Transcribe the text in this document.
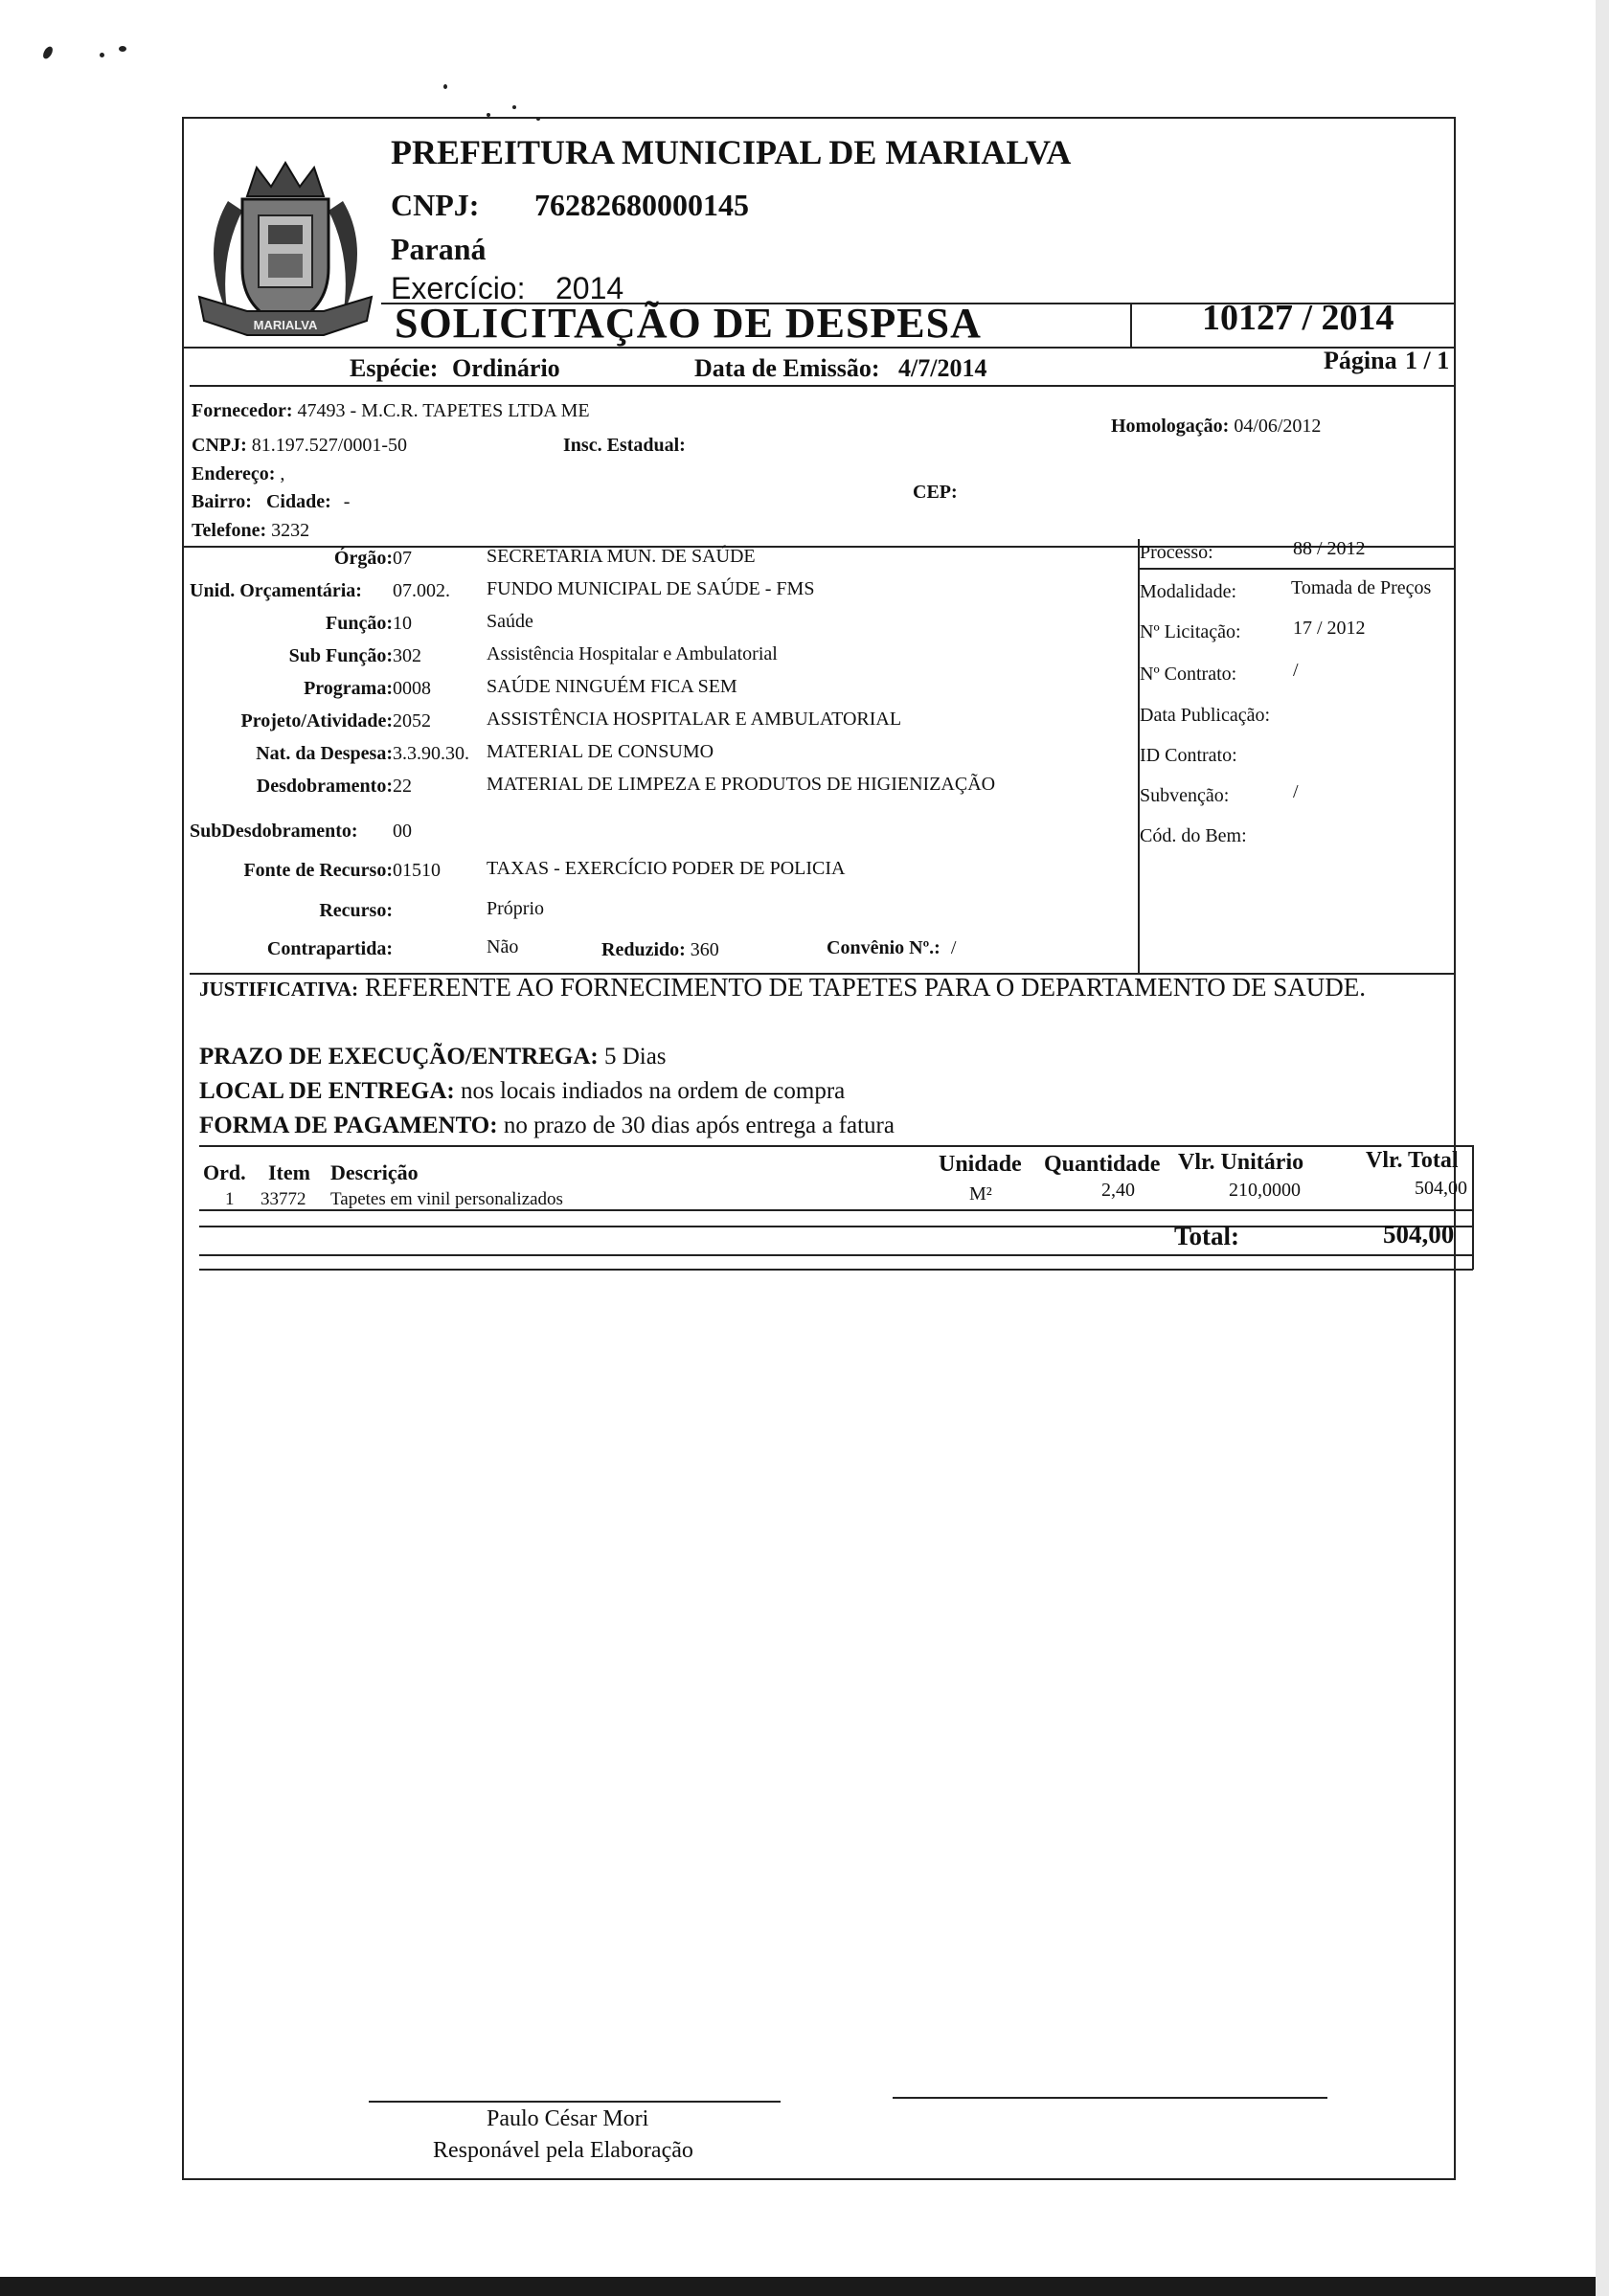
MARIALVA
PREFEITURA MUNICIPAL DE MARIALVA
CNPJ: 76282680000145
Paraná
Exercício: 2014
SOLICITAÇÃO DE DESPESA	10127 / 2014
Espécie: Ordinário	Data de Emissão: 4/7/2014	Página 1 / 1
Fornecedor: 47493 - M.C.R. TAPETES LTDA ME
CNPJ: 81.197.527/0001-50	Insc. Estadual:
Homologação: 04/06/2012
Endereço: ,
CEP:
Bairro: Cidade: -
Telefone: 3232
Órgão: 07	SECRETARIA MUN. DE SAÚDE
Unid. Orçamentária: 07.002. FUNDO MUNICIPAL DE SAÚDE - FMS
Função: 10	Saúde
Sub Função: 302	Assistência Hospitalar e Ambulatorial
Programa: 0008	SAÚDE NINGUÉM FICA SEM
Projeto/Atividade: 2052	ASSISTÊNCIA HOSPITALAR E AMBULATORIAL
Nat. da Despesa: 3.3.90.30. MATERIAL DE CONSUMO
Desdobramento: 22	MATERIAL DE LIMPEZA E PRODUTOS DE HIGIENIZAÇÃO
SubDesdobramento: 00
Fonte de Recurso: 01510 TAXAS - EXERCÍCIO PODER DE POLICIA
Recurso:	Próprio
Contrapartida:	Não
Processo:	88 / 2012
Modalidade:	Tomada de Preços
Nº Licitação:	17 / 2012
Nº Contrato:	/
Data Publicação:
ID Contrato:
Subvenção:	/
Cód. do Bem:
Reduzido: 360	Convênio Nº.: /
JUSTIFICATIVA: REFERENTE AO FORNECIMENTO DE TAPETES PARA O DEPARTAMENTO DE SAUDE.
PRAZO DE EXECUÇÃO/ENTREGA: 5 Dias
LOCAL DE ENTREGA: nos locais indiados na ordem de compra
FORMA DE PAGAMENTO: no prazo de 30 dias após entrega a fatura
Ord. Item Descrição	Unidade Quantidade Vlr. Unitário	Vlr. Total
1 33772 Tapetes em vinil personalizados	M²	2,40	210,0000	504,00
Total:	504,00
Paulo César Mori
Responável pela Elaboração
